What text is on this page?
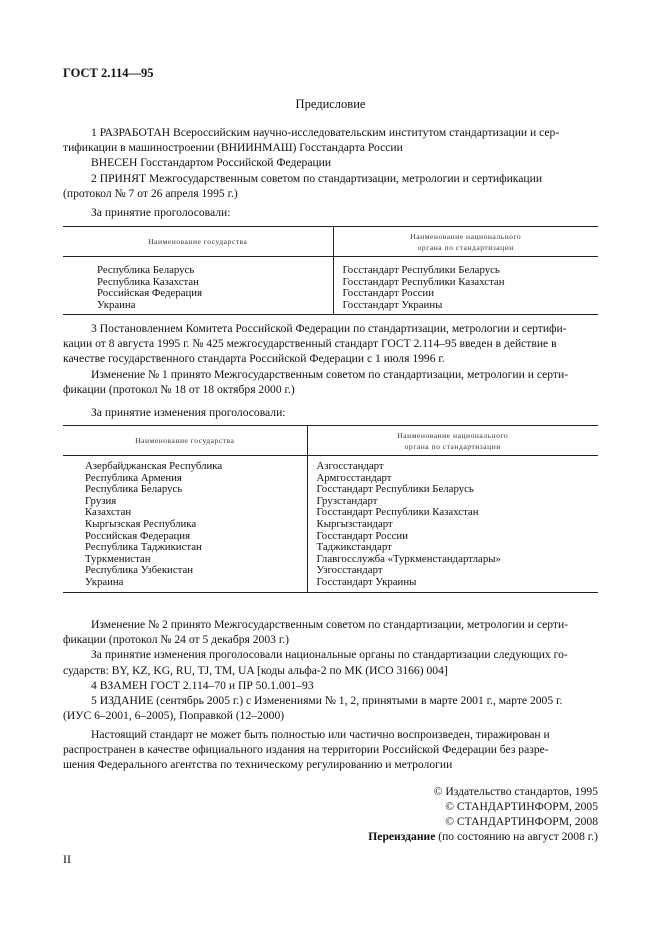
ГОСТ 2.114—95
Предисловие
1 РАЗРАБОТАН Всероссийским научно-исследовательским институтом стандартизации и сер-
тификации в машиностроении (ВНИИНМАШ) Госстандарта России
ВНЕСЕН Госстандартом Российской Федерации
2 ПРИНЯТ Межгосударственным советом по стандартизации, метрологии и сертификации
(протокол № 7 от 26 апреля 1995 г.)
За принятие проголосовали:
Наименование государства	Наименование национального
органа по стандартизации

Республика Беларусь	Госстандарт Республики Беларусь
Республика Казахстан	Госстандарт Республики Казахстан
Российская Федерация	Госстандарт России
Украина	Госстандарт Украины
3 Постановлением Комитета Российской Федерации по стандартизации, метрологии и сертифи-
кации от 8 августа 1995 г. № 425 межгосударственный стандарт ГОСТ 2.114–95 введен в действие в
качестве государственного стандарта Российской Федерации с 1 июля 1996 г.
Изменение № 1 принято Межгосударственным советом по стандартизации, метрологии и серти-
фикации (протокол № 18 от 18 октября 2000 г.)
За принятие изменения проголосовали:
Наименование государства	Наименование национального
органа по стандартизации

Азербайджанская Республика	Азгосстандарт
Республика Армения	Армгосстандарт
Республика Беларусь	Госстандарт Республики Беларусь
Грузия	Грузстандарт
Казахстан	Госстандарт Республики Казахстан
Кыргызская Республика	Кыргызстандарт
Российская Федерация	Госстандарт России
Республика Таджикистан	Таджикстандарт
Туркменистан	Главгосслужба «Туркменстандартлары»
Республика Узбекистан	Узгосстандарт
Украина	Госстандарт Украины
Изменение № 2 принято Межгосударственным советом по стандартизации, метрологии и серти-
фикации (протокол № 24 от 5 декабря 2003 г.)
За принятие изменения проголосовали национальные органы по стандартизации следующих го-
сударств: BY, KZ, KG, RU, TJ, TM, UA [коды альфа-2 по МК (ИСО 3166) 004]
4 ВЗАМЕН ГОСТ 2.114–70 и ПР 50.1.001–93
5 ИЗДАНИЕ (сентябрь 2005 г.) с Изменениями № 1, 2, принятыми в марте 2001 г., марте 2005 г.
(ИУС 6–2001, 6–2005), Поправкой (12–2000)
Настоящий стандарт не может быть полностью или частично воспроизведен, тиражирован и
распространен в качестве официального издания на территории Российской Федерации без разре-
шения Федерального агентства по техническому регулированию и метрологии
© Издательство стандартов, 1995
© СТАНДАРТИНФОРМ, 2005
© СТАНДАРТИНФОРМ, 2008
Переиздание (по состоянию на август 2008 г.)
II
